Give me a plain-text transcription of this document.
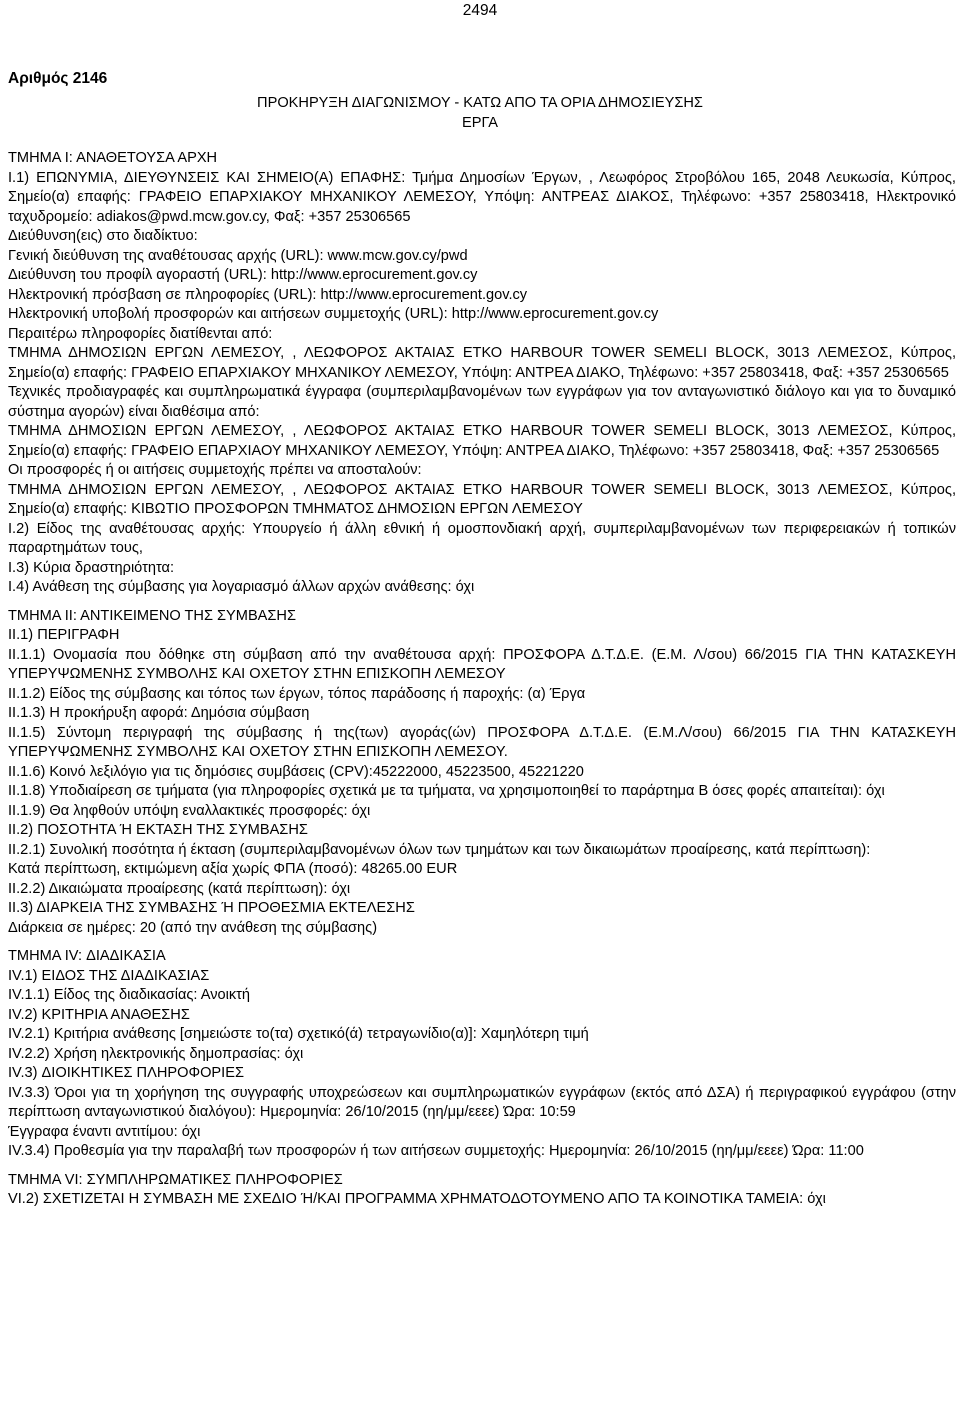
2494
Αριθμός 2146
ΠΡΟΚΗΡΥΞΗ ΔΙΑΓΩΝΙΣΜΟΥ - ΚΑΤΩ ΑΠΟ ΤΑ ΟΡΙΑ ΔΗΜΟΣΙΕΥΣΗΣ
ΕΡΓΑ

ΤΜΗΜΑ Ι: ΑΝΑΘΕΤΟΥΣΑ ΑΡΧΗ

Ι.1) ΕΠΩΝΥΜΙΑ, ΔΙΕΥΘΥΝΣΕΙΣ ΚΑΙ ΣΗΜΕΙΟ(Α) ΕΠΑΦΗΣ: Τμήμα Δημοσίων Έργων, , Λεωφόρος Στροβόλου 165, 2048 Λευκωσία, Κύπρος, Σημείο(α) επαφής: ΓΡΑΦΕΙΟ ΕΠΑΡΧΙΑΚΟΥ ΜΗΧΑΝΙΚΟΥ ΛΕΜΕΣΟΥ, Υπόψη: ΑΝΤΡΕΑΣ ΔΙΑΚΟΣ, Τηλέφωνο: +357 25803418, Ηλεκτρονικό ταχυδρομείο: adiakos@pwd.mcw.gov.cy, Φαξ: +357 25306565

Διεύθυνση(εις) στο διαδίκτυο:

Γενική διεύθυνση της αναθέτουσας αρχής (URL): www.mcw.gov.cy/pwd

Διεύθυνση του προφίλ αγοραστή (URL): http://www.eprocurement.gov.cy

Ηλεκτρονική πρόσβαση σε πληροφορίες (URL): http://www.eprocurement.gov.cy

Ηλεκτρονική υποβολή προσφορών και αιτήσεων συμμετοχής (URL): http://www.eprocurement.gov.cy

Περαιτέρω πληροφορίες διατίθενται από:

ΤΜΗΜΑ ΔΗΜΟΣΙΩΝ ΕΡΓΩΝ ΛΕΜΕΣΟΥ, , ΛΕΩΦΟΡΟΣ ΑΚΤΑΙΑΣ ΕΤΚΟ HARBOUR TOWER SEMELI BLOCK, 3013 ΛΕΜΕΣΟΣ, Κύπρος, Σημείο(α) επαφής: ΓΡΑΦΕΙΟ ΕΠΑΡΧΙΑΚΟΥ ΜΗΧΑΝΙΚΟΥ ΛΕΜΕΣΟΥ, Υπόψη: ΑΝΤΡΕΑ ΔΙΑΚΟ, Τηλέφωνο: +357 25803418, Φαξ: +357 25306565

Τεχνικές προδιαγραφές και συμπληρωματικά έγγραφα (συμπεριλαμβανομένων των εγγράφων για τον ανταγωνιστικό διάλογο και για το δυναμικό σύστημα αγορών) είναι διαθέσιμα από:

ΤΜΗΜΑ ΔΗΜΟΣΙΩΝ ΕΡΓΩΝ ΛΕΜΕΣΟΥ, , ΛΕΩΦΟΡΟΣ ΑΚΤΑΙΑΣ ΕΤΚΟ HARBOUR TOWER SEMELI BLOCK, 3013 ΛΕΜΕΣΟΣ, Κύπρος, Σημείο(α) επαφής: ΓΡΑΦΕΙΟ ΕΠΑΡΧΙΑΟΥ ΜΗΧΑΝΙΚΟΥ ΛΕΜΕΣΟΥ, Υπόψη: ΑΝΤΡΕΑ ΔΙΑΚΟ, Τηλέφωνο: +357 25803418, Φαξ: +357 25306565

Οι προσφορές ή οι αιτήσεις συμμετοχής πρέπει να αποσταλούν:

ΤΜΗΜΑ ΔΗΜΟΣΙΩΝ ΕΡΓΩΝ ΛΕΜΕΣΟΥ, , ΛΕΩΦΟΡΟΣ ΑΚΤΑΙΑΣ ΕΤΚΟ HARBOUR TOWER SEMELI BLOCK, 3013 ΛΕΜΕΣΟΣ, Κύπρος, Σημείο(α) επαφής: ΚΙΒΩΤΙΟ ΠΡΟΣΦΟΡΩΝ ΤΜΗΜΑΤΟΣ ΔΗΜΟΣΙΩΝ ΕΡΓΩΝ ΛΕΜΕΣΟΥ

Ι.2) Είδος της αναθέτουσας αρχής: Υπουργείο ή άλλη εθνική ή ομοσπονδιακή αρχή, συμπεριλαμβανομένων των περιφερειακών ή τοπικών παραρτημάτων τους,

Ι.3) Κύρια δραστηριότητα:

Ι.4) Ανάθεση της σύμβασης για λογαριασμό άλλων αρχών ανάθεσης: όχι

ΤΜΗΜΑ ΙΙ: ΑΝΤΙΚΕΙΜΕΝΟ ΤΗΣ ΣΥΜΒΑΣΗΣ

ΙΙ.1) ΠΕΡΙΓΡΑΦΗ

ΙΙ.1.1) Ονομασία που δόθηκε στη σύμβαση από την αναθέτουσα αρχή: ΠΡΟΣΦΟΡΑ Δ.Τ.Δ.Ε. (Ε.Μ. Λ/σου) 66/2015 ΓΙΑ ΤΗΝ ΚΑΤΑΣΚΕΥΗ ΥΠΕΡΥΨΩΜΕΝΗΣ ΣΥΜΒΟΛΗΣ ΚΑΙ ΟΧΕΤΟΥ ΣΤΗΝ ΕΠΙΣΚΟΠΗ ΛΕΜΕΣΟΥ

ΙΙ.1.2) Είδος της σύμβασης και τόπος των έργων, τόπος παράδοσης ή παροχής: (α) Έργα

ΙΙ.1.3) Η προκήρυξη αφορά: Δημόσια σύμβαση

ΙΙ.1.5) Σύντομη περιγραφή της σύμβασης ή της(των) αγοράς(ών) ΠΡΟΣΦΟΡΑ Δ.Τ.Δ.Ε. (Ε.Μ.Λ/σου) 66/2015 ΓΙΑ ΤΗΝ ΚΑΤΑΣΚΕΥΗ ΥΠΕΡΥΨΩΜΕΝΗΣ ΣΥΜΒΟΛΗΣ ΚΑΙ ΟΧΕΤΟΥ ΣΤΗΝ ΕΠΙΣΚΟΠΗ ΛΕΜΕΣΟΥ.

ΙΙ.1.6) Κοινό λεξιλόγιο για τις δημόσιες συμβάσεις (CPV):45222000, 45223500, 45221220

ΙΙ.1.8) Υποδιαίρεση σε τμήματα (για πληροφορίες σχετικά με τα τμήματα, να χρησιμοποιηθεί το παράρτημα Β όσες φορές απαιτείται): όχι

ΙΙ.1.9) Θα ληφθούν υπόψη εναλλακτικές προσφορές: όχι

ΙΙ.2) ΠΟΣΟΤΗΤΑ Ή ΕΚΤΑΣΗ ΤΗΣ ΣΥΜΒΑΣΗΣ

ΙΙ.2.1) Συνολική ποσότητα ή έκταση (συμπεριλαμβανομένων όλων των τμημάτων και των δικαιωμάτων προαίρεσης, κατά περίπτωση):

Κατά περίπτωση, εκτιμώμενη αξία χωρίς ΦΠΑ (ποσό): 48265.00 EUR

ΙΙ.2.2) Δικαιώματα προαίρεσης (κατά περίπτωση): όχι

ΙΙ.3) ΔΙΑΡΚΕΙΑ ΤΗΣ ΣΥΜΒΑΣΗΣ Ή ΠΡΟΘΕΣΜΙΑ ΕΚΤΕΛΕΣΗΣ

Διάρκεια σε ημέρες: 20 (από την ανάθεση της σύμβασης)

ΤΜΗΜΑ IV: ΔΙΑΔΙΚΑΣΙΑ

IV.1) ΕΙΔΟΣ ΤΗΣ ΔΙΑΔΙΚΑΣΙΑΣ

IV.1.1) Είδος της διαδικασίας: Ανοικτή

IV.2) ΚΡΙΤΗΡΙΑ ΑΝΑΘΕΣΗΣ

IV.2.1) Κριτήρια ανάθεσης [σημειώστε το(τα) σχετικό(ά) τετραγωνίδιο(α)]: Χαμηλότερη τιμή

IV.2.2) Χρήση ηλεκτρονικής δημοπρασίας: όχι

IV.3) ΔΙΟΙΚΗΤΙΚΕΣ ΠΛΗΡΟΦΟΡΙΕΣ

IV.3.3) Όροι για τη χορήγηση της συγγραφής υποχρεώσεων και συμπληρωματικών εγγράφων (εκτός από ΔΣΑ) ή περιγραφικού εγγράφου (στην περίπτωση ανταγωνιστικού διαλόγου): Ημερομηνία: 26/10/2015 (ηη/μμ/εεεε) Ώρα: 10:59

Έγγραφα έναντι αντιτίμου: όχι

IV.3.4) Προθεσμία για την παραλαβή των προσφορών ή των αιτήσεων συμμετοχής: Ημερομηνία: 26/10/2015 (ηη/μμ/εεεε) Ώρα: 11:00

ΤΜΗΜΑ VI: ΣΥΜΠΛΗΡΩΜΑΤΙΚΕΣ ΠΛΗΡΟΦΟΡΙΕΣ

VI.2) ΣΧΕΤΙΖΕΤΑΙ Η ΣΥΜΒΑΣΗ ΜΕ ΣΧΕΔΙΟ Ή/ΚΑΙ ΠΡΟΓΡΑΜΜΑ ΧΡΗΜΑΤΟΔΟΤΟΥΜΕΝΟ ΑΠΟ ΤΑ ΚΟΙΝΟΤΙΚΑ ΤΑΜΕΙΑ: όχι
